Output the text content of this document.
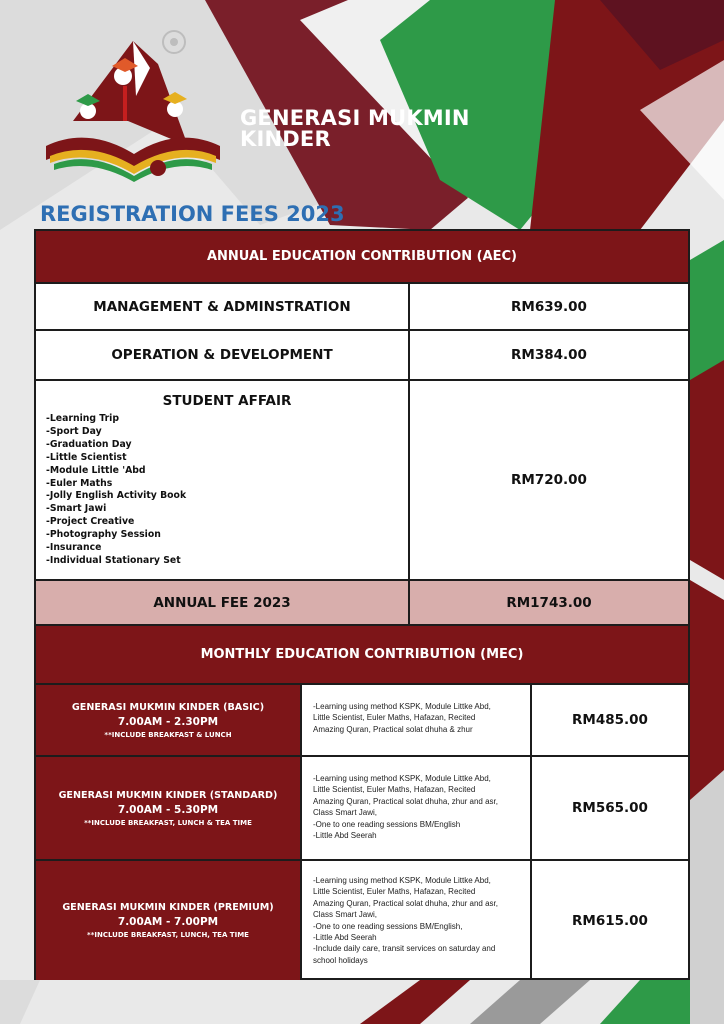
GENERASI MUKMIN
KINDER
REGISTRATION FEES 2023
ANNUAL EDUCATION CONTRIBUTION (AEC)
MANAGEMENT & ADMINSTRATION	RM639.00
OPERATION & DEVELOPMENT	RM384.00
STUDENT AFFAIR
-Learning Trip
-Sport Day
-Graduation Day
-Little Scientist
-Module Little 'Abd
-Euler Maths
-Jolly English Activity Book
-Smart Jawi
-Project Creative
-Photography Session
-Insurance
-Individual Stationary Set
RM720.00
ANNUAL FEE 2023	RM1743.00
MONTHLY EDUCATION CONTRIBUTION (MEC)
GENERASI MUKMIN KINDER (BASIC)
7.00AM - 2.30PM
**INCLUDE BREAKFAST & LUNCH
-Learning using method KSPK, Module Littke Abd,
Little Scientist, Euler Maths, Hafazan, Recited
Amazing Quran, Practical solat dhuha & zhur
RM485.00
GENERASI MUKMIN KINDER (STANDARD)
7.00AM - 5.30PM
**INCLUDE BREAKFAST, LUNCH & TEA TIME
-Learning using method KSPK, Module Littke Abd,
Little Scientist, Euler Maths, Hafazan, Recited
Amazing Quran, Practical solat dhuha, zhur and asr,
Class Smart Jawi,
-One to one reading sessions BM/English
-Little Abd Seerah
RM565.00
GENERASI MUKMIN KINDER (PREMIUM)
7.00AM - 7.00PM
**INCLUDE BREAKFAST, LUNCH, TEA TIME
-Learning using method KSPK, Module Littke Abd,
Little Scientist, Euler Maths, Hafazan, Recited
Amazing Quran, Practical solat dhuha, zhur and asr,
Class Smart Jawi,
-One to one reading sessions BM/English,
-Little Abd Seerah
-Include daily care, transit services on saturday and
school holidays
RM615.00
